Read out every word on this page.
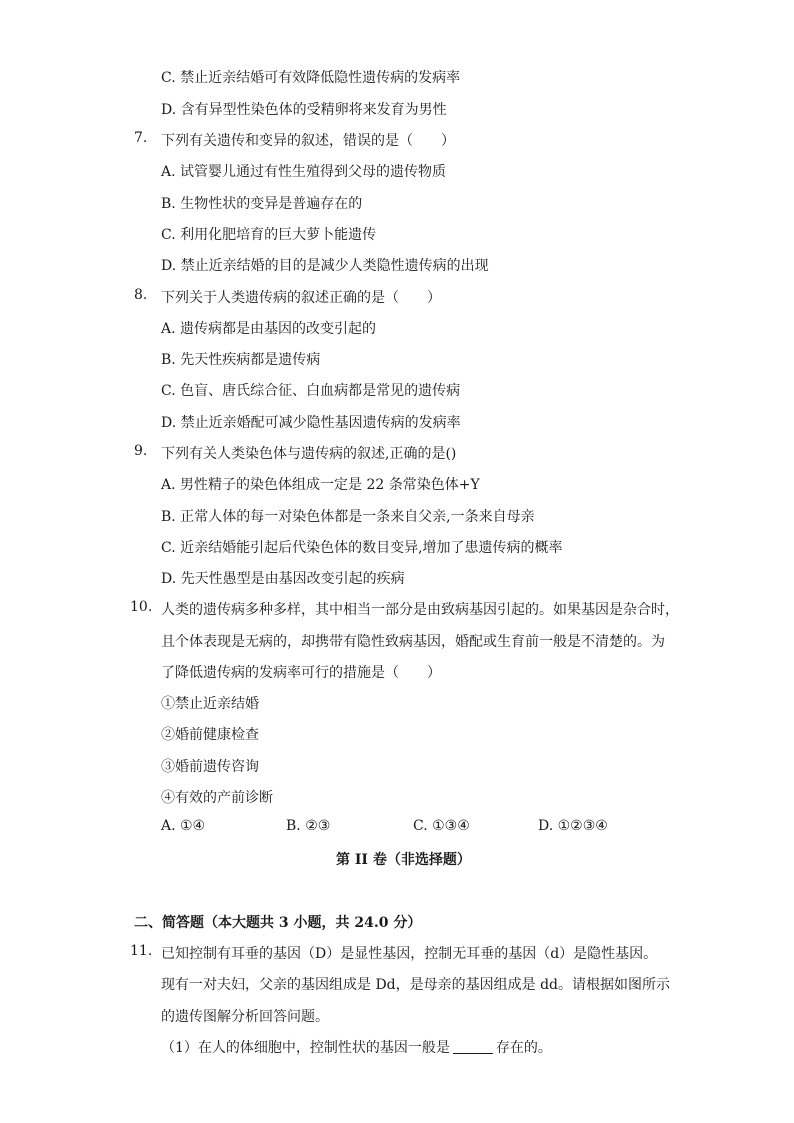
C. 禁止近亲结婚可有效降低隐性遗传病的发病率
D. 含有异型性染色体的受精卵将来发育为男性
7. 下列有关遗传和变异的叙述，错误的是（　　）
A. 试管婴儿通过有性生殖得到父母的遗传物质
B. 生物性状的变异是普遍存在的
C. 利用化肥培育的巨大萝卜能遗传
D. 禁止近亲结婚的目的是减少人类隐性遗传病的出现
8. 下列关于人类遗传病的叙述正确的是（　　）
A. 遗传病都是由基因的改变引起的
B. 先天性疾病都是遗传病
C. 色盲、唐氏综合征、白血病都是常见的遗传病
D. 禁止近亲婚配可减少隐性基因遗传病的发病率
9. 下列有关人类染色体与遗传病的叙述,正确的是()
A. 男性精子的染色体组成一定是 22 条常染色体+Y
B. 正常人体的每一对染色体都是一条来自父亲,一条来自母亲
C. 近亲结婚能引起后代染色体的数目变异,增加了患遗传病的概率
D. 先天性愚型是由基因改变引起的疾病
10. 人类的遗传病多种多样，其中相当一部分是由致病基因引起的。如果基因是杂合时，
且个体表现是无病的，却携带有隐性致病基因，婚配或生育前一般是不清楚的。为
了降低遗传病的发病率可行的措施是（　　）
①禁止近亲结婚
②婚前健康检查
③婚前遗传咨询
④有效的产前诊断
A. ①④	B. ②③	C. ①③④	D. ①②③④
第 II 卷（非选择题）
二、简答题（本大题共 3 小题，共 24.0 分）
11. 已知控制有耳垂的基因（D）是显性基因，控制无耳垂的基因（d）是隐性基因。
现有一对夫妇，父亲的基因组成是 Dd，是母亲的基因组成是 dd。请根据如图所示
的遗传图解分析回答问题。
（1）在人的体细胞中，控制性状的基因一般是	存在的。
